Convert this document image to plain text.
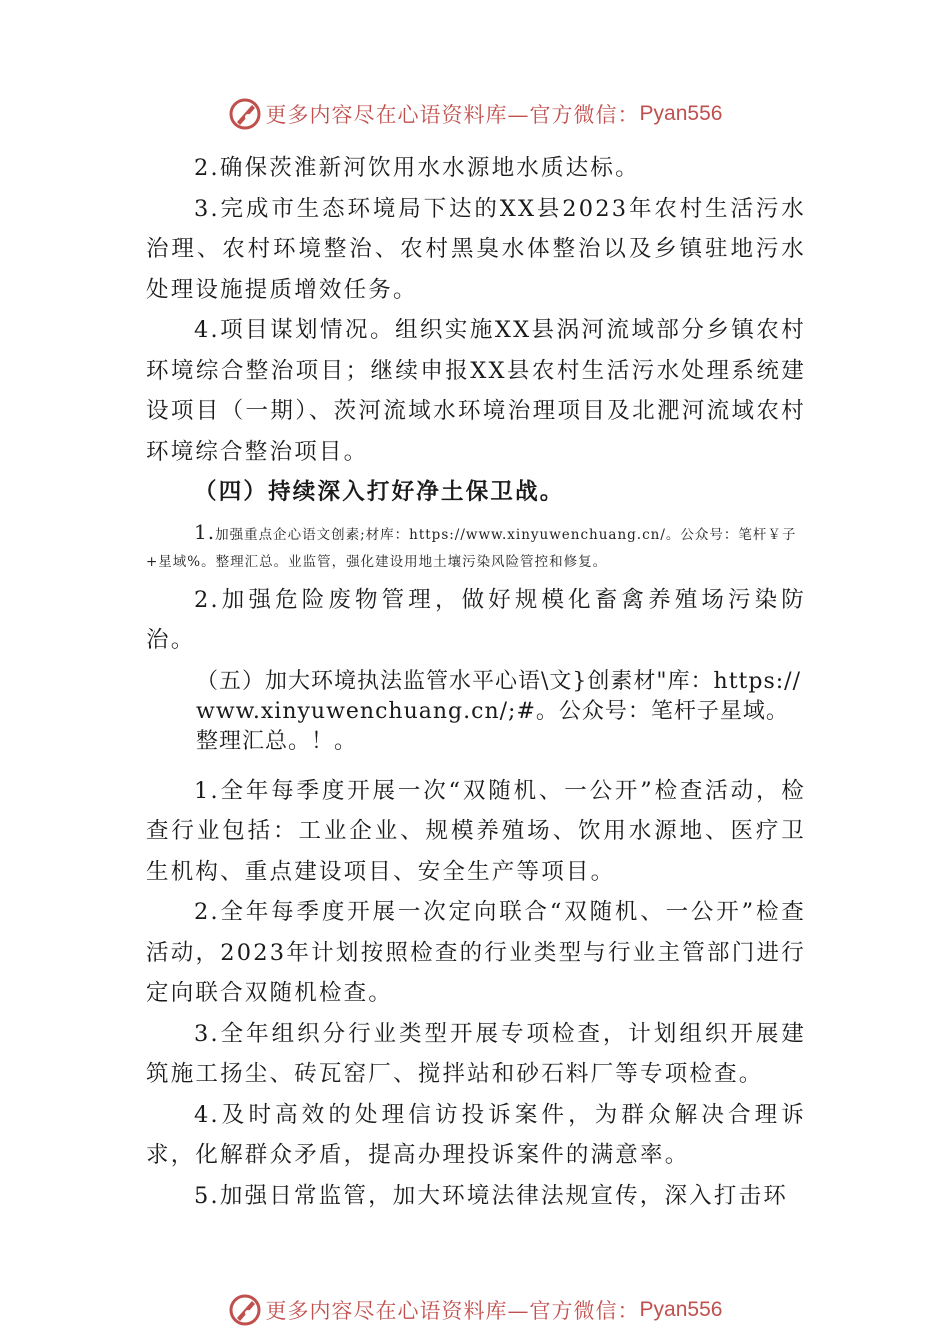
更多内容尽在心语资料库—官方微信： Pyan556

2.确保茨淮新河饮用水水源地水质达标。

3.完成市生态环境局下达的XX县2023年农村生活污水治理、农村环境整治、农村黑臭水体整治以及乡镇驻地污水处理设施提质增效任务。

4.项目谋划情况。组织实施XX县涡河流域部分乡镇农村环境综合整治项目；继续申报XX县农村生活污水处理系统建设项目（一期）、茨河流域水环境治理项目及北淝河流域农村环境综合整治项目。

（四）持续深入打好净土保卫战。

1.加强重点企心语文创素;材库：https://www.xinyuwenchuang.cn/。公众号：笔杆￥子+星域%。整理汇总。业监管，强化建设用地土壤污染风险管控和修复。

2.加强危险废物管理，做好规模化畜禽养殖场污染防治。

（五）加大环境执法监管水平心语\文}创素材"库：https://www.xinyuwenchuang.cn/;#。公众号：笔杆子星域。整理汇总。！。

1.全年每季度开展一次“双随机、一公开”检查活动，检查行业包括：工业企业、规模养殖场、饮用水源地、医疗卫生机构、重点建设项目、安全生产等项目。

2.全年每季度开展一次定向联合“双随机、一公开”检查活动，2023年计划按照检查的行业类型与行业主管部门进行定向联合双随机检查。

3.全年组织分行业类型开展专项检查，计划组织开展建筑施工扬尘、砖瓦窑厂、搅拌站和砂石料厂等专项检查。

4.及时高效的处理信访投诉案件，为群众解决合理诉求，化解群众矛盾，提高办理投诉案件的满意率。

5.加强日常监管，加大环境法律法规宣传，深入打击环

更多内容尽在心语资料库—官方微信： Pyan556
